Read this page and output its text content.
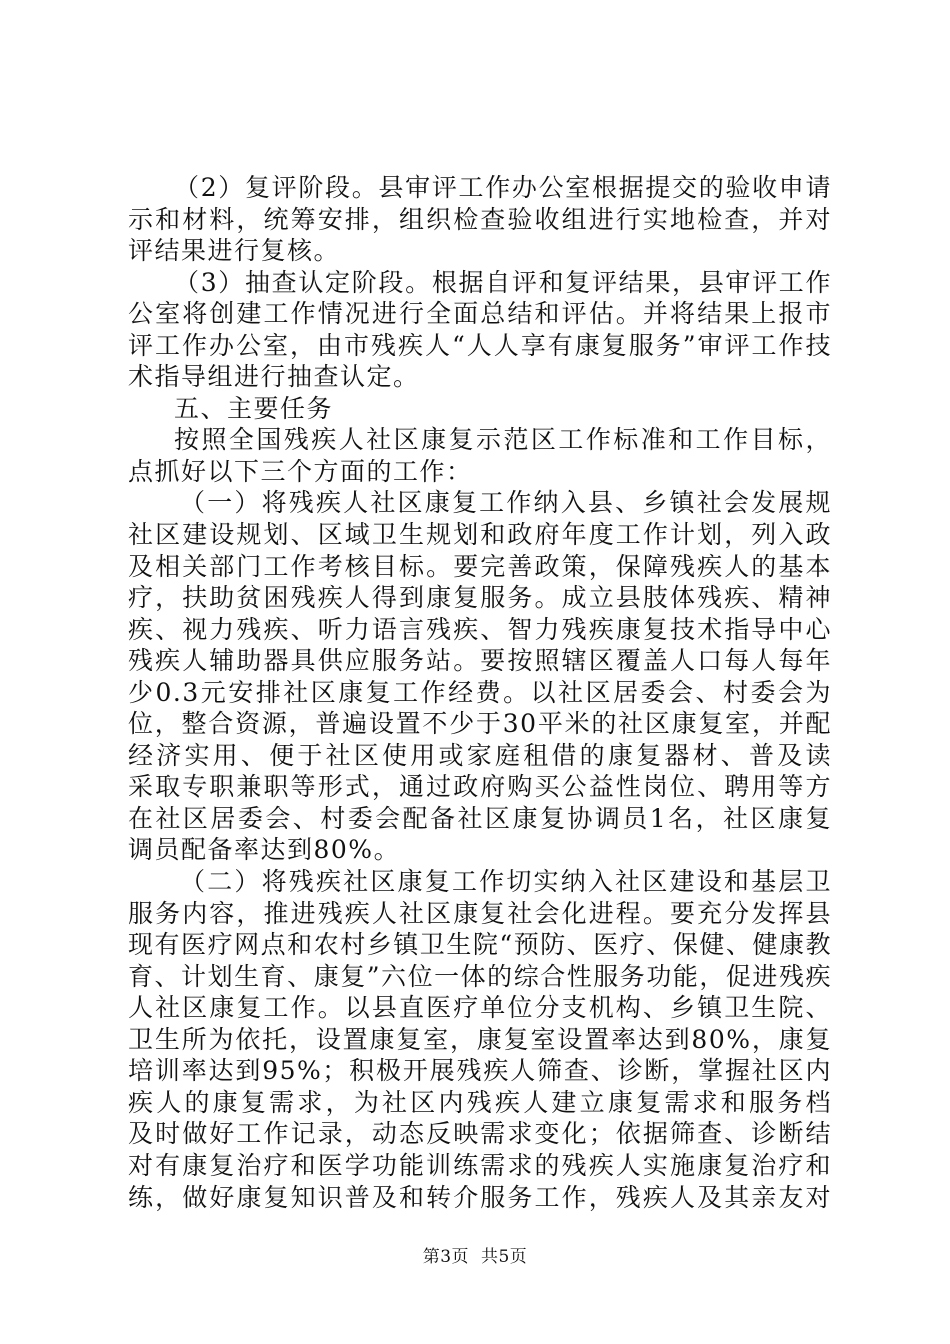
（2）复评阶段。县审评工作办公室根据提交的验收申请
示和材料，统筹安排，组织检查验收组进行实地检查，并对
评结果进行复核。
（3）抽查认定阶段。根据自评和复评结果，县审评工作
公室将创建工作情况进行全面总结和评估。并将结果上报市
评工作办公室，由市残疾人“人人享有康复服务”审评工作技
术指导组进行抽查认定。
五、主要任务
按照全国残疾人社区康复示范区工作标准和工作目标，
点抓好以下三个方面的工作：
（一）将残疾人社区康复工作纳入县、乡镇社会发展规
社区建设规划、区域卫生规划和政府年度工作计划，列入政
及相关部门工作考核目标。要完善政策，保障残疾人的基本
疗，扶助贫困残疾人得到康复服务。成立县肢体残疾、精神
疾、视力残疾、听力语言残疾、智力残疾康复技术指导中心
残疾人辅助器具供应服务站。要按照辖区覆盖人口每人每年
少0.3元安排社区康复工作经费。以社区居委会、村委会为
位，整合资源，普遍设置不少于30平米的社区康复室，并配
经济实用、便于社区使用或家庭租借的康复器材、普及读
采取专职兼职等形式，通过政府购买公益性岗位、聘用等方
在社区居委会、村委会配备社区康复协调员1名，社区康复
调员配备率达到80%。
（二）将残疾社区康复工作切实纳入社区建设和基层卫
服务内容，推进残疾人社区康复社会化进程。要充分发挥县
现有医疗网点和农村乡镇卫生院“预防、医疗、保健、健康教
育、计划生育、康复”六位一体的综合性服务功能，促进残疾
人社区康复工作。以县直医疗单位分支机构、乡镇卫生院、
卫生所为依托，设置康复室，康复室设置率达到80%，康复
培训率达到95%；积极开展残疾人筛查、诊断，掌握社区内
疾人的康复需求，为社区内残疾人建立康复需求和服务档
及时做好工作记录，动态反映需求变化；依据筛查、诊断结
对有康复治疗和医学功能训练需求的残疾人实施康复治疗和
练，做好康复知识普及和转介服务工作，残疾人及其亲友对
第3页 共5页
